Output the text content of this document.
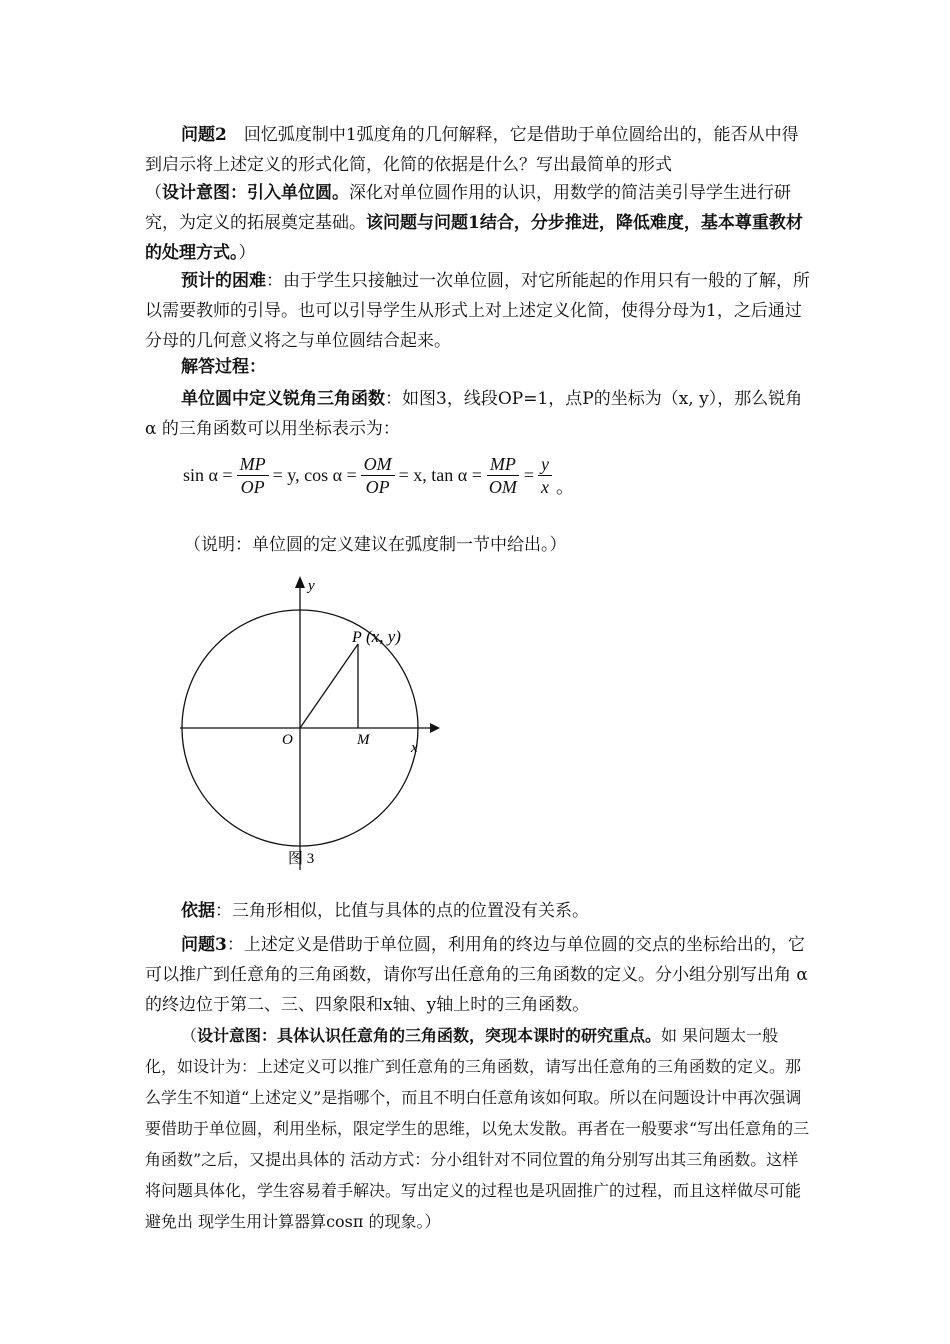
问题2　回忆弧度制中1弧度角的几何解释，它是借助于单位圆给出的，能否从中得到启示将上述定义的形式化简，化简的依据是什么？写出最简单的形式

（设计意图：引入单位圆。深化对单位圆作用的认识，用数学的简洁美引导学生进行研究，为定义的拓展奠定基础。该问题与问题1结合，分步推进，降低难度，基本尊重教材的处理方式。）

预计的困难：由于学生只接触过一次单位圆，对它所能起的作用只有一般的了解，所以需要教师的引导。也可以引导学生从形式上对上述定义化简，使得分母为1，之后通过分母的几何意义将之与单位圆结合起来。

解答过程：

单位圆中定义锐角三角函数：如图3，线段OP=1，点P的坐标为（x, y），那么锐角 α 的三角函数可以用坐标表示为：

$\sin \alpha = \frac{MP}{OP} = y$, $\cos \alpha = \frac{OM}{OP} = x$, $\tan \alpha = \frac{MP}{OM} = \frac{y}{x}$ 。
（说明：单位圆的定义建议在弧度制一节中给出。）
y
x
O	M
P (x, y)
图 3

依据：三角形相似，比值与具体的点的位置没有关系。

问题3：上述定义是借助于单位圆，利用角的终边与单位圆的交点的坐标给出的，它可以推广到任意角的三角函数，请你写出任意角的三角函数的定义。分小组分别写出角 α 的终边位于第二、三、四象限和x轴、y轴上时的三角函数。

（设计意图：具体认识任意角的三角函数，突现本课时的研究重点。如 果问题太一般化，如设计为：上述定义可以推广到任意角的三角函数，请写出任意角的三角函数的定义。那么学生不知道“上述定义”是指哪个，而且不明白任意角该如何取。所以在问题设计中再次强调要借助于单位圆，利用坐标，限定学生的思维，以免太发散。再者在一般要求“写出任意角的三角函数”之后，又提出具体的 活动方式：分小组针对不同位置的角分别写出其三角函数。这样将问题具体化，学生容易着手解决。写出定义的过程也是巩固推广的过程，而且这样做尽可能避免出 现学生用计算器算cosπ 的现象。）
